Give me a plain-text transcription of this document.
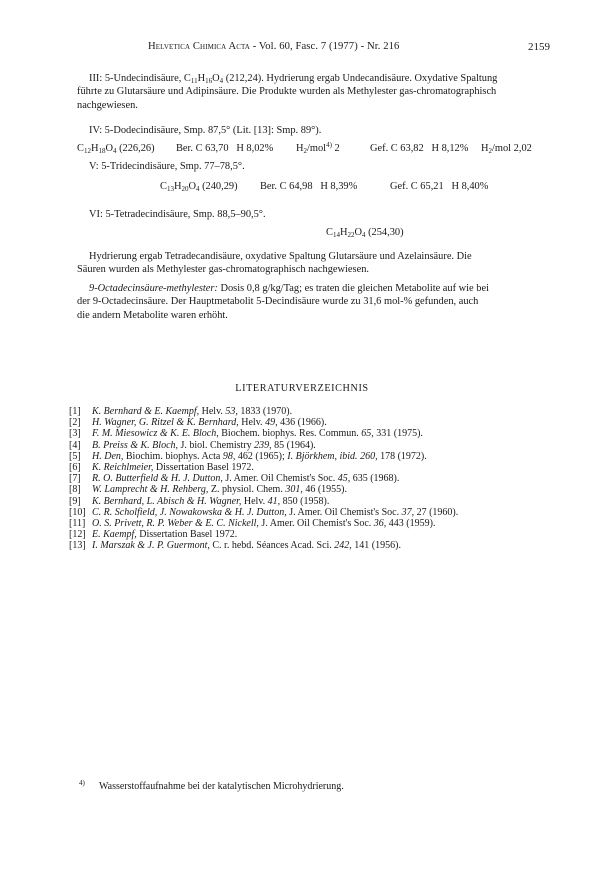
Helvetica Chimica Acta - Vol. 60, Fasc. 7 (1977) - Nr. 216	2159
III: 5-Undecindisäure, $C_{11}H_{16}O_4$ (212,24). Hydrierung ergab Undecandisäure. Oxydative Spaltung
führte zu Glutarsäure und Adipinsäure. Die Produkte wurden als Methylester gas-chromatographisch
nachgewiesen.
IV: 5-Dodecindisäure, Smp. 87,5° (Lit. [13]: Smp. 89°).
$C_{12}H_{18}O_4$ (226,26) Ber. C 63,70   H 8,02% $H_2/mol^{4)}$ 2	Gef. C 63,82   H 8,12% $H_2$/mol 2,02
V: 5-Tridecindisäure, Smp. 77–78,5°.
$C_{13}H_{20}O_4$ (240,29) Ber. C 64,98   H 8,39%	Gef. C 65,21   H 8,40%
VI: 5-Tetradecindisäure, Smp. 88,5–90,5°.
$C_{14}H_{22}O_4$ (254,30)
Hydrierung ergab Tetradecandisäure, oxydative Spaltung Glutarsäure und Azelainsäure. Die
Säuren wurden als Methylester gas-chromatographisch nachgewiesen.
9-Octadecinsäure-methylester: Dosis 0,8 g/kg/Tag; es traten die gleichen Metabolite auf wie bei
der 9-Octadecinsäure. Der Hauptmetabolit 5-Decindisäure wurde zu 31,6 mol-% gefunden, auch
die andern Metabolite waren erhöht.
LITERATURVERZEICHNIS
[1]	K. Bernhard & E. Kaempf, Helv. 53, 1833 (1970).
[2]	H. Wagner, G. Ritzel & K. Bernhard, Helv. 49, 436 (1966).
[3]	F. M. Miesowicz & K. E. Bloch, Biochem. biophys. Res. Commun. 65, 331 (1975).
[4]	B. Preiss & K. Bloch, J. biol. Chemistry 239, 85 (1964).
[5]	H. Den, Biochim. biophys. Acta 98, 462 (1965); I. Björkhem, ibid. 260, 178 (1972).
[6]	K. Reichlmeier, Dissertation Basel 1972.
[7]	R. O. Butterfield & H. J. Dutton, J. Amer. Oil Chemist's Soc. 45, 635 (1968).
[8]	W. Lamprecht & H. Rehberg, Z. physiol. Chem. 301, 46 (1955).
[9]	K. Bernhard, L. Abisch & H. Wagner, Helv. 41, 850 (1958).
[10] C. R. Scholfield, J. Nowakowska & H. J. Dutton, J. Amer. Oil Chemist's Soc. 37, 27 (1960).
[11] O. S. Privett, R. P. Weber & E. C. Nickell, J. Amer. Oil Chemist's Soc. 36, 443 (1959).
[12] E. Kaempf, Dissertation Basel 1972.
[13] I. Marszak & J. P. Guermont, C. r. hebd. Séances Acad. Sci. 242, 141 (1956).
$^{4)}$ Wasserstoffaufnahme bei der katalytischen Microhydrierung.
